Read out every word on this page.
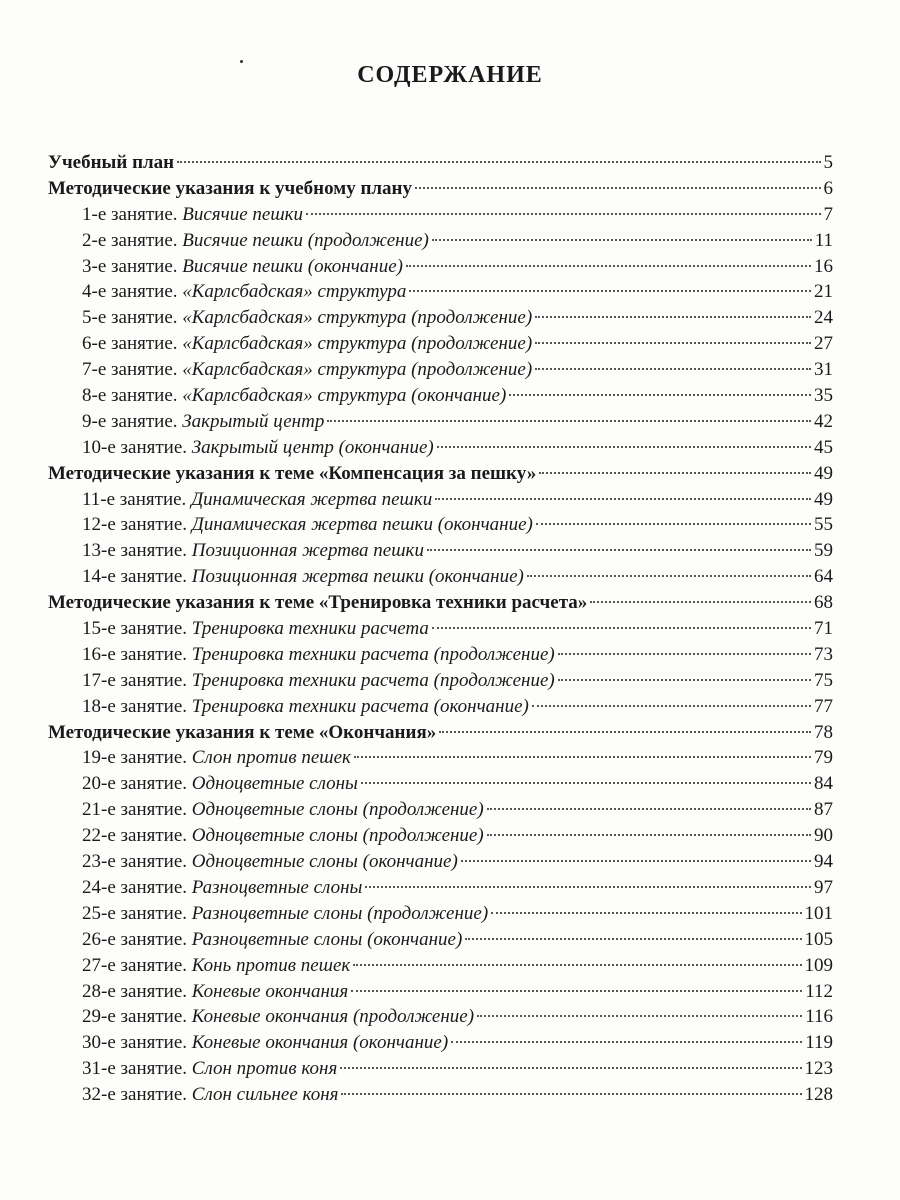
СОДЕРЖАНИЕ
Учебный план	5
Методические указания к учебному плану	6
1-е занятие. Висячие пешки	7
2-е занятие. Висячие пешки (продолжение)	11
3-е занятие. Висячие пешки (окончание)	16
4-е занятие. «Карлсбадская» структура	21
5-е занятие. «Карлсбадская» структура (продолжение)	24
6-е занятие. «Карлсбадская» структура (продолжение)	27
7-е занятие. «Карлсбадская» структура (продолжение)	31
8-е занятие. «Карлсбадская» структура (окончание)	35
9-е занятие. Закрытый центр	42
10-е занятие. Закрытый центр (окончание)	45
Методические указания к теме «Компенсация за пешку»	49
11-е занятие. Динамическая жертва пешки	49
12-е занятие. Динамическая жертва пешки (окончание)	55
13-е занятие. Позиционная жертва пешки	59
14-е занятие. Позиционная жертва пешки (окончание)	64
Методические указания к теме «Тренировка техники расчета»	68
15-е занятие. Тренировка техники расчета	71
16-е занятие. Тренировка техники расчета (продолжение)	73
17-е занятие. Тренировка техники расчета (продолжение)	75
18-е занятие. Тренировка техники расчета (окончание)	77
Методические указания к теме «Окончания»	78
19-е занятие. Слон против пешек	79
20-е занятие. Одноцветные слоны	84
21-е занятие. Одноцветные слоны (продолжение)	87
22-е занятие. Одноцветные слоны (продолжение)	90
23-е занятие. Одноцветные слоны (окончание)	94
24-е занятие. Разноцветные слоны	97
25-е занятие. Разноцветные слоны (продолжение)	101
26-е занятие. Разноцветные слоны (окончание)	105
27-е занятие. Конь против пешек	109
28-е занятие. Коневые окончания	112
29-е занятие. Коневые окончания (продолжение)	116
30-е занятие. Коневые окончания (окончание)	119
31-е занятие. Слон против коня	123
32-е занятие. Слон сильнее коня	128
